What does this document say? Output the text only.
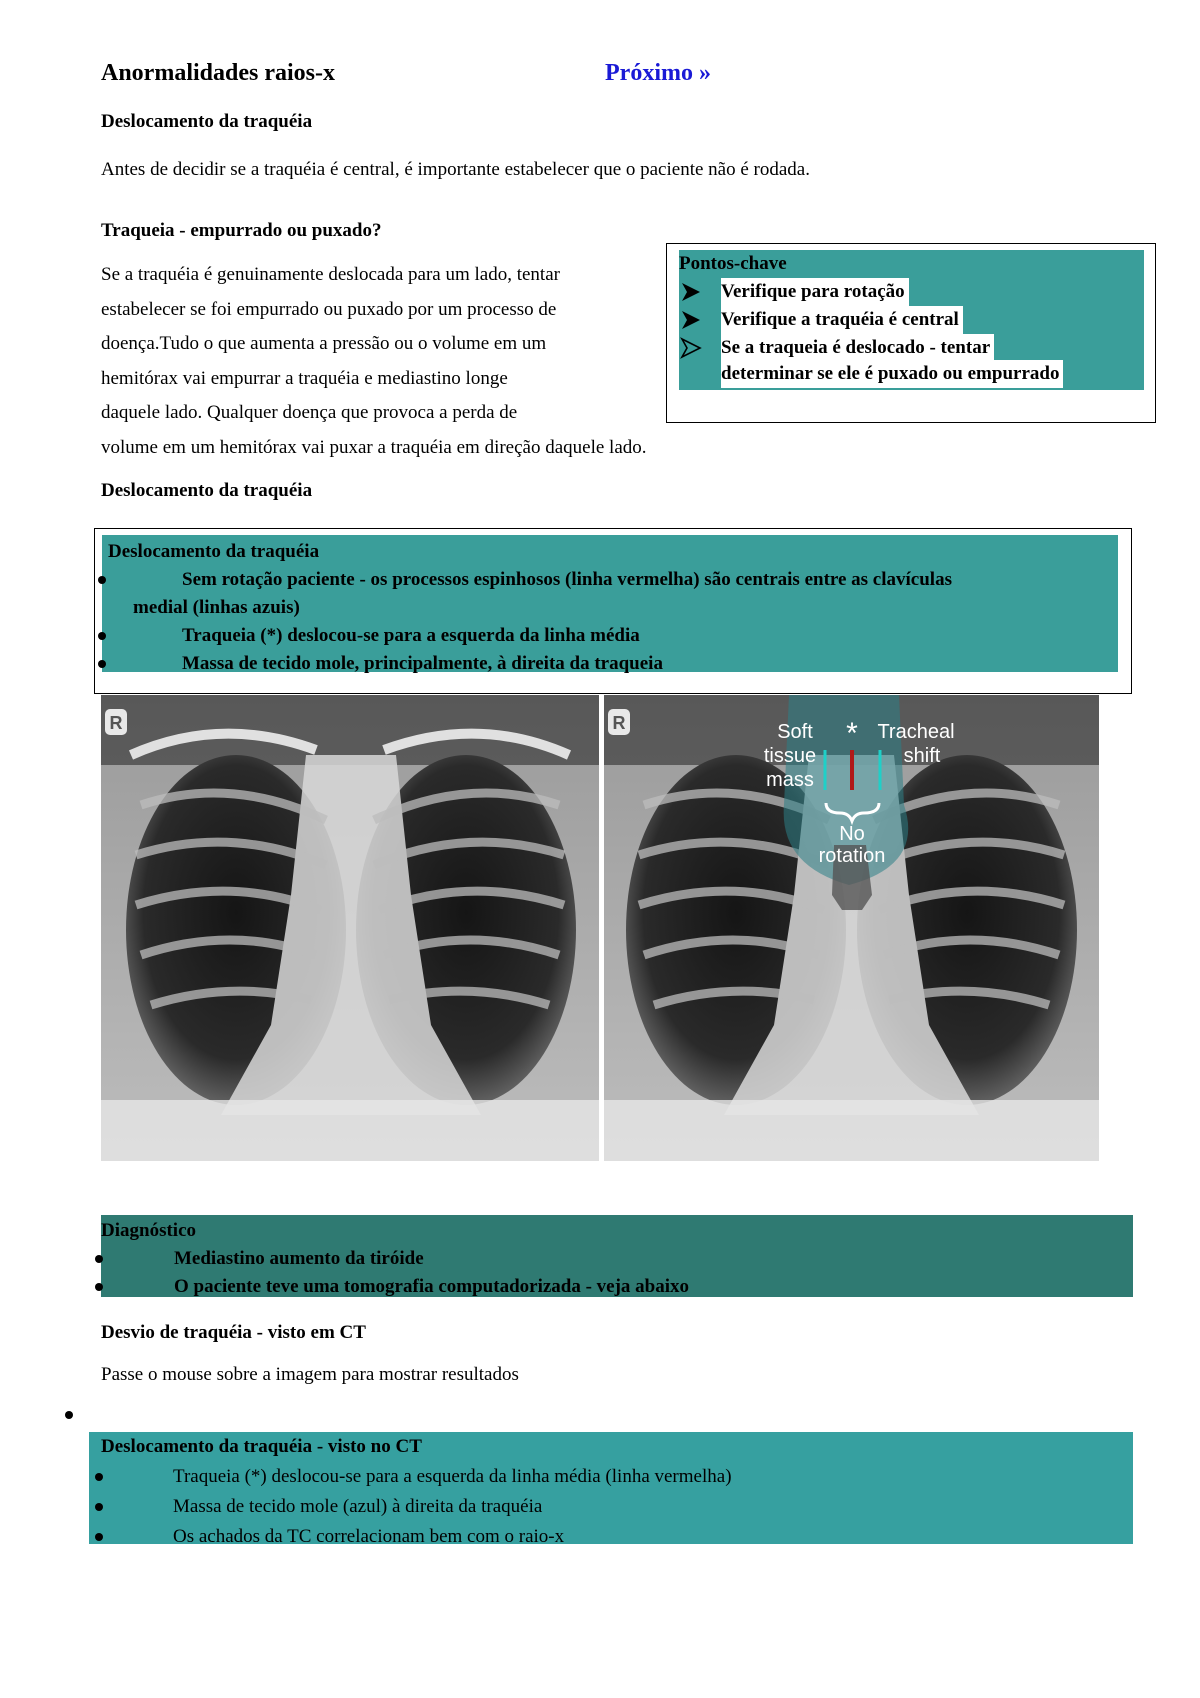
Anormalidades raios-x	Próximo »
Deslocamento da traquéia
Antes de decidir se a traquéia é central, é importante estabelecer que o paciente não é rodada.
Traqueia - empurrado ou puxado?
Se a traquéia é genuinamente deslocada para um lado, tentar
estabelecer se foi empurrado ou puxado por um processo de
doença.Tudo o que aumenta a pressão ou o volume em um
hemitórax vai empurrar a traquéia e mediastino longe
daquele lado. Qualquer doença que provoca a perda de
volume em um hemitórax vai puxar a traquéia em direção daquele lado.
Pontos-chave
Verifique para rotação
Verifique a traquéia é central
Se a traqueia é deslocado - tentar
determinar se ele é puxado ou empurrado
Deslocamento da traquéia
Deslocamento da traquéia
Sem rotação paciente - os processos espinhosos (linha vermelha) são centrais entre as clavículas
medial (linhas azuis)
Traqueia (*) deslocou-se para a esquerda da linha média
Massa de tecido mole, principalmente, à direita da traqueia
R	Soft
tissue
mass
* Tracheal
shift
No
rotation
R
Diagnóstico
Mediastino aumento da tiróide
O paciente teve uma tomografia computadorizada - veja abaixo
Desvio de traquéia - visto em CT
Passe o mouse sobre a imagem para mostrar resultados
Deslocamento da traquéia - visto no CT
Traqueia (*) deslocou-se para a esquerda da linha média (linha vermelha)
Massa de tecido mole (azul) à direita da traquéia
Os achados da TC correlacionam bem com o raio-x
